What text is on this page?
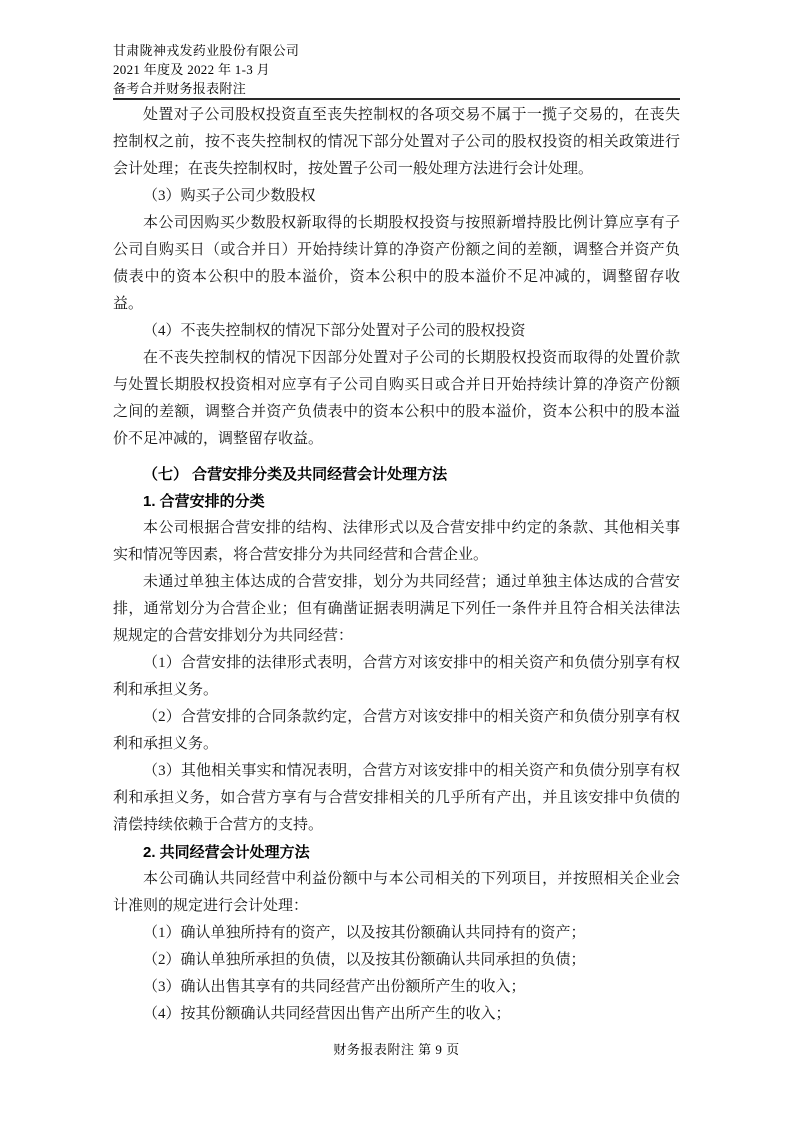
甘肃陇神戎发药业股份有限公司
2021 年度及 2022 年 1-3 月
备考合并财务报表附注

处置对子公司股权投资直至丧失控制权的各项交易不属于一揽子交易的，在丧失控制权之前，按不丧失控制权的情况下部分处置对子公司的股权投资的相关政策进行会计处理；在丧失控制权时，按处置子公司一般处理方法进行会计处理。

（3）购买子公司少数股权

本公司因购买少数股权新取得的长期股权投资与按照新增持股比例计算应享有子公司自购买日（或合并日）开始持续计算的净资产份额之间的差额，调整合并资产负债表中的资本公积中的股本溢价，资本公积中的股本溢价不足冲减的，调整留存收益。

（4）不丧失控制权的情况下部分处置对子公司的股权投资

在不丧失控制权的情况下因部分处置对子公司的长期股权投资而取得的处置价款与处置长期股权投资相对应享有子公司自购买日或合并日开始持续计算的净资产份额之间的差额，调整合并资产负债表中的资本公积中的股本溢价，资本公积中的股本溢价不足冲减的，调整留存收益。

（七） 合营安排分类及共同经营会计处理方法

1. 合营安排的分类

本公司根据合营安排的结构、法律形式以及合营安排中约定的条款、其他相关事实和情况等因素，将合营安排分为共同经营和合营企业。

未通过单独主体达成的合营安排，划分为共同经营；通过单独主体达成的合营安排，通常划分为合营企业；但有确凿证据表明满足下列任一条件并且符合相关法律法规规定的合营安排划分为共同经营：

（1）合营安排的法律形式表明，合营方对该安排中的相关资产和负债分别享有权利和承担义务。

（2）合营安排的合同条款约定，合营方对该安排中的相关资产和负债分别享有权利和承担义务。

（3）其他相关事实和情况表明，合营方对该安排中的相关资产和负债分别享有权利和承担义务，如合营方享有与合营安排相关的几乎所有产出，并且该安排中负债的清偿持续依赖于合营方的支持。

2. 共同经营会计处理方法

本公司确认共同经营中利益份额中与本公司相关的下列项目，并按照相关企业会计准则的规定进行会计处理：

（1）确认单独所持有的资产，以及按其份额确认共同持有的资产；

（2）确认单独所承担的负债，以及按其份额确认共同承担的负债；

（3）确认出售其享有的共同经营产出份额所产生的收入；

（4）按其份额确认共同经营因出售产出所产生的收入；

财务报表附注 第 9 页
